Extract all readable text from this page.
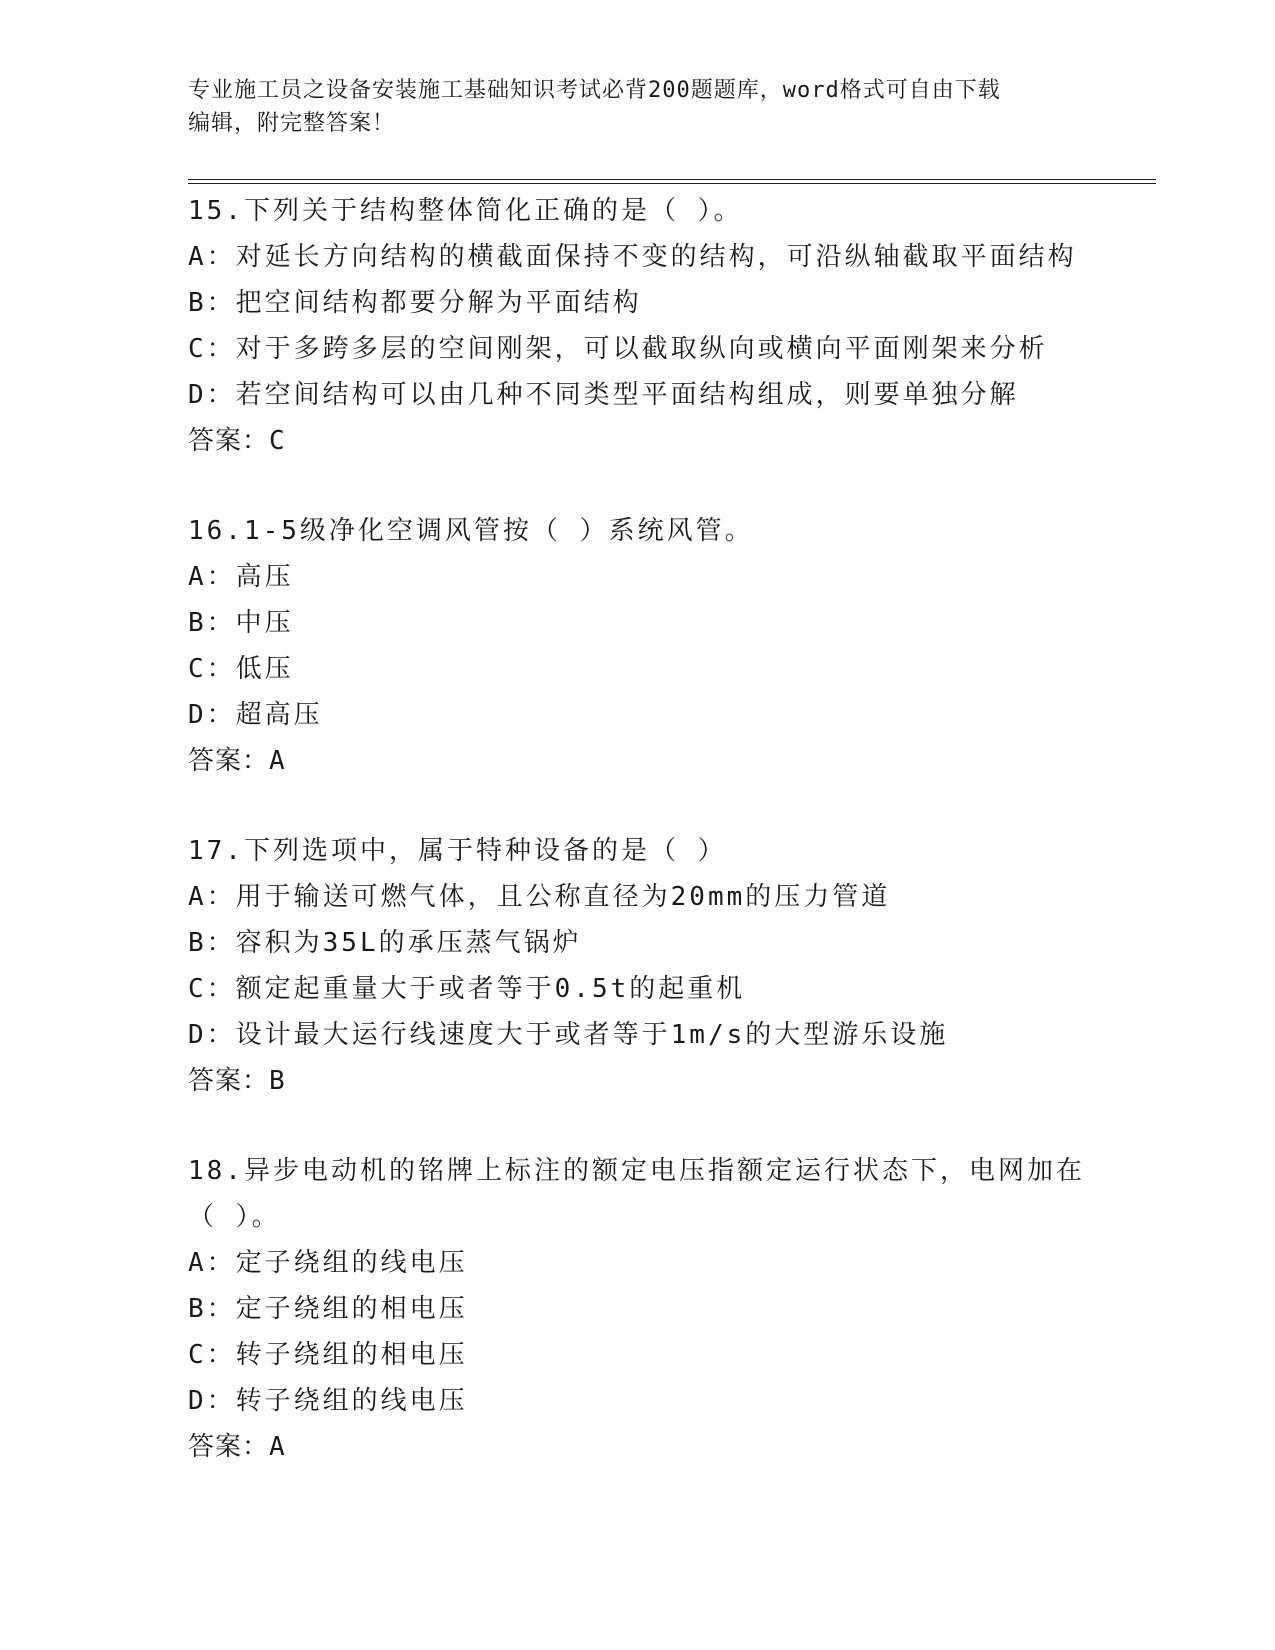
专业施工员之设备安装施工基础知识考试必背200题题库，word格式可自由下载
编辑，附完整答案！
15.下列关于结构整体简化正确的是（ ）。
A：对延长方向结构的横截面保持不变的结构，可沿纵轴截取平面结构
B：把空间结构都要分解为平面结构
C：对于多跨多层的空间刚架，可以截取纵向或横向平面刚架来分析
D：若空间结构可以由几种不同类型平面结构组成，则要单独分解
答案：C
16.1-5级净化空调风管按（ ）系统风管。
A：高压
B：中压
C：低压
D：超高压
答案：A
17.下列选项中，属于特种设备的是（ ）
A：用于输送可燃气体，且公称直径为20mm的压力管道
B：容积为35L的承压蒸气锅炉
C：额定起重量大于或者等于0.5t的起重机
D：设计最大运行线速度大于或者等于1m/s的大型游乐设施
答案：B
18.异步电动机的铭牌上标注的额定电压指额定运行状态下，电网加在（ ）。
A：定子绕组的线电压
B：定子绕组的相电压
C：转子绕组的相电压
D：转子绕组的线电压
答案：A
